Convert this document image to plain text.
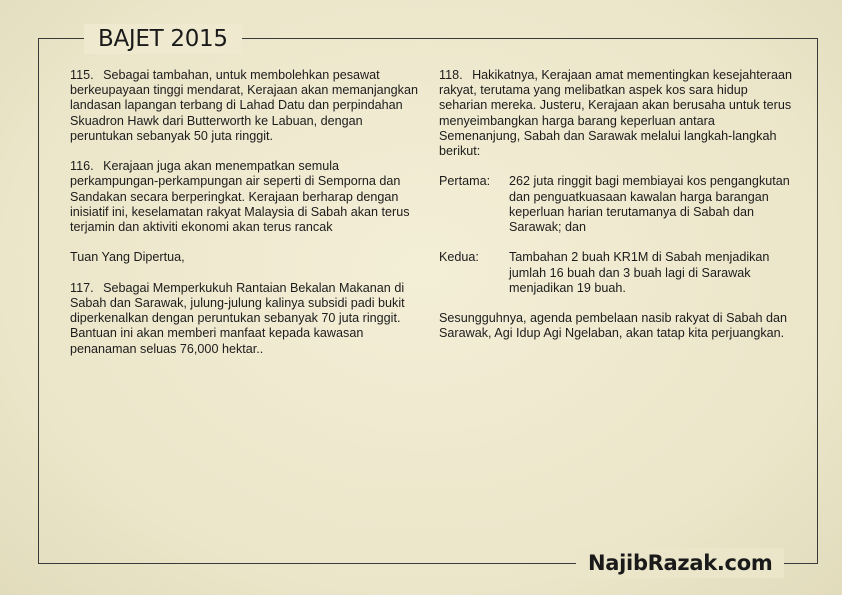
BAJET 2015

115. Sebagai tambahan, untuk membolehkan pesawat berkeupayaan tinggi mendarat, Kerajaan akan memanjangkan landasan lapangan terbang di Lahad Datu dan perpindahan Skuadron Hawk dari Butterworth ke Labuan, dengan peruntukan sebanyak 50 juta ringgit.

116. Kerajaan juga akan menempatkan semula perkampungan-perkampungan air seperti di Semporna dan Sandakan secara berperingkat. Kerajaan berharap dengan inisiatif ini, keselamatan rakyat Malaysia di Sabah akan terus terjamin dan aktiviti ekonomi akan terus rancak

Tuan Yang Dipertua,

117. Sebagai Memperkukuh Rantaian Bekalan Makanan di Sabah dan Sarawak, julung-julung kalinya subsidi padi bukit diperkenalkan dengan peruntukan sebanyak 70 juta ringgit. Bantuan ini akan memberi manfaat kepada kawasan penanaman seluas 76,000 hektar..

118. Hakikatnya, Kerajaan amat mementingkan kesejahteraan rakyat, terutama yang melibatkan aspek kos sara hidup seharian mereka. Justeru, Kerajaan akan berusaha untuk terus menyeimbangkan harga barang keperluan antara Semenanjung, Sabah dan Sarawak melalui langkah-langkah berikut:

Pertama:	262 juta ringgit bagi membiayai kos pengangkutan dan penguatkuasaan kawalan harga barangan keperluan harian terutamanya di Sabah dan Sarawak; dan
Kedua:	Tambahan 2 buah KR1M di Sabah menjadikan jumlah 16 buah dan 3 buah lagi di Sarawak menjadikan 19 buah.

Sesungguhnya, agenda pembelaan nasib rakyat di Sabah dan Sarawak, Agi Idup Agi Ngelaban, akan tatap kita perjuangkan.

NajibRazak.com
